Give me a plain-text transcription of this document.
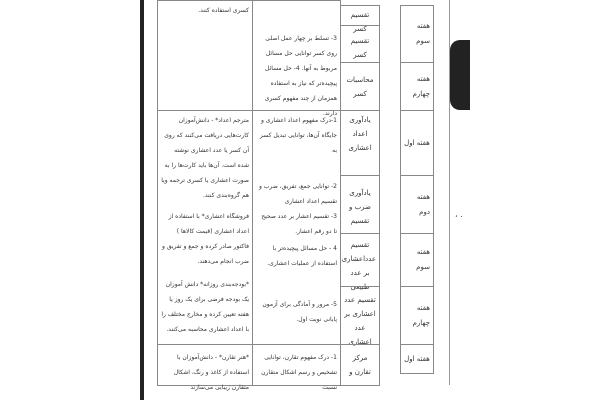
کسری استفاده کنند.
3- تسلط بر چهار عمل اصلی روی کسر توانایی حل مسائل مربوط به آنها. 4- حل مسائل پیچیده‌تر که نیاز به استفاده همزمان از چند مفهوم کسری دارند.
تقسیم کسر
تقسیم کسر
محاسبات کسر
هفته سوم
هفته چهارم
مترجم اعداد* - دانش‌آموزان کارت‌هایی دریافت می‌کنند که روی آن کسر یا عدد اعشاری نوشته شده است. آن‌ها باید کارت‌ها را به صورت اعشاری یا کسری ترجمه ویا هم گروه‌بندی کنند.
فروشگاه اعشاری* با استفاده از اعداد اعشاری (قیمت کالاها ) فاکتور صادر کرده و جمع و تفریق و ضرب انجام می‌دهند.
*بودجه‌بندی روزانه* دانش آموزان یک بودجه فرضی برای یک روز یا هفته تعیین کرده و مخارج مختلف را با اعداد اعشاری محاسبه می‌کنند.
1-درک مفهوم اعداد اعشاری و جایگاه آن‌ها، توانایی تبدیل کسر به
2- توانایی جمع، تفریق، ضرب و تقسیم اعداد اعشاری
3- تقسیم اعشار بر عدد صحیح تا دو رقم اعشار.
4 - حل مسائل پیچیده‌تر با استفاده از عملیات اعشاری.
5- مرور و آمادگی برای آزمون پایانی نوبت اول.
یادآوری اعداد اعشاری
یادآوری ضرب و تقسیم
تقسیم عدداعشاری بر عدد طبیعی
تقسیم عدد اعشاری بر عدد اعشاری
هفته اول
هفته دوم
هفته سوم
هفته چهارم
*هنر تقارن* - دانش‌آموزان با استفاده از کاغذ و رنگ، اشکال متقارن زیبایی می‌سازند
1- درک مفهوم تقارن، توانایی تشخیص و رسم اشکال متقارن نسبت
مرکز تقارن و
هفته اول
، .
